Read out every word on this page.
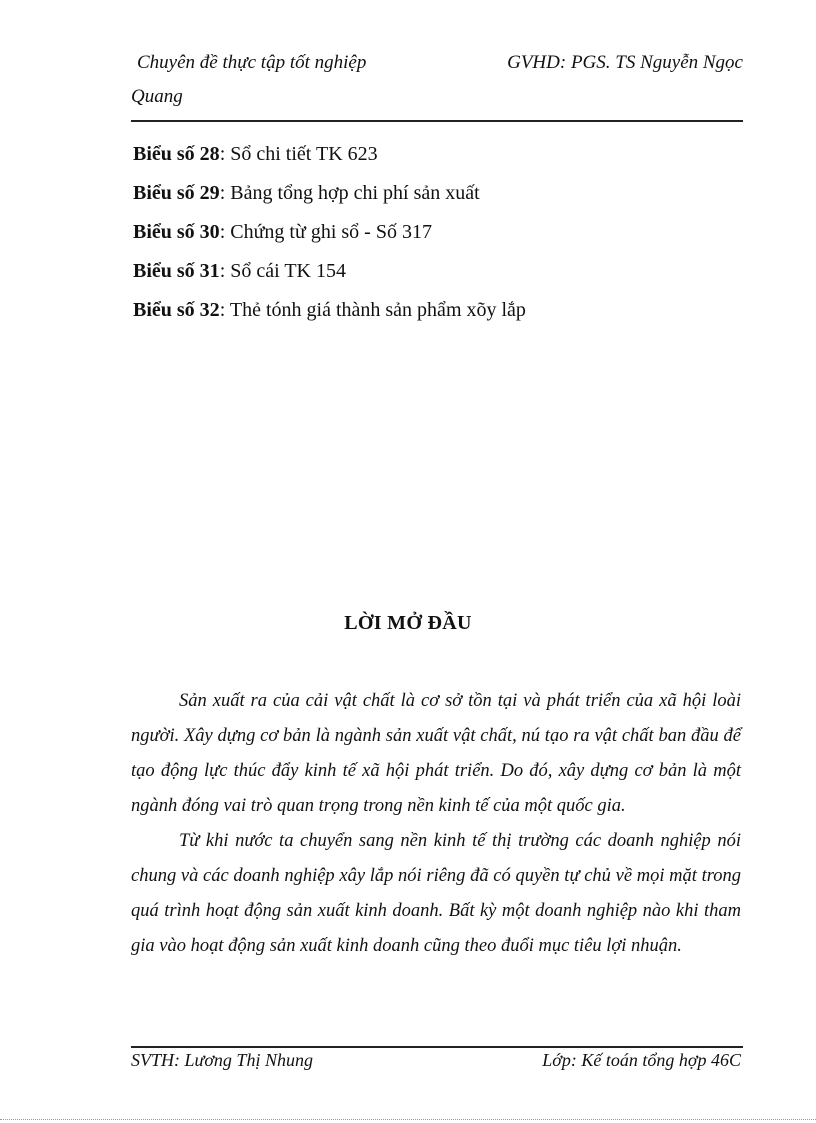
Chuyên đề thực tập tốt nghiệp	GVHD: PGS. TS Nguyễn Ngọc
Quang
Biểu số 28: Sổ chi tiết TK 623
Biểu số 29: Bảng tổng hợp chi phí sản xuất
Biểu số 30: Chứng từ ghi sổ - Số 317
Biểu số 31: Sổ cái TK 154
Biểu số 32: Thẻ tónh giá thành sản phẩm xõy lắp
LỜI MỞ ĐẦU

Sản xuất ra của cải vật chất là cơ sở tồn tại và phát triển của xã hội loài người. Xây dựng cơ bản là ngành sản xuất vật chất, nú tạo ra vật chất ban đầu để tạo động lực thúc đẩy kinh tế xã hội phát triển. Do đó, xây dựng cơ bản là một ngành đóng vai trò quan trọng trong nền kinh tế của một quốc gia.

Từ khi nước ta chuyển sang nền kinh tế thị trường các doanh nghiệp nói chung và các doanh nghiệp xây lắp nói riêng đã có quyền tự chủ về mọi mặt trong quá trình hoạt động sản xuất kinh doanh. Bất kỳ một doanh nghiệp nào khi tham gia vào hoạt động sản xuất kinh doanh cũng theo đuổi mục tiêu lợi nhuận.

SVTH: Lương Thị Nhung	Lớp: Kế toán tổng hợp 46C
